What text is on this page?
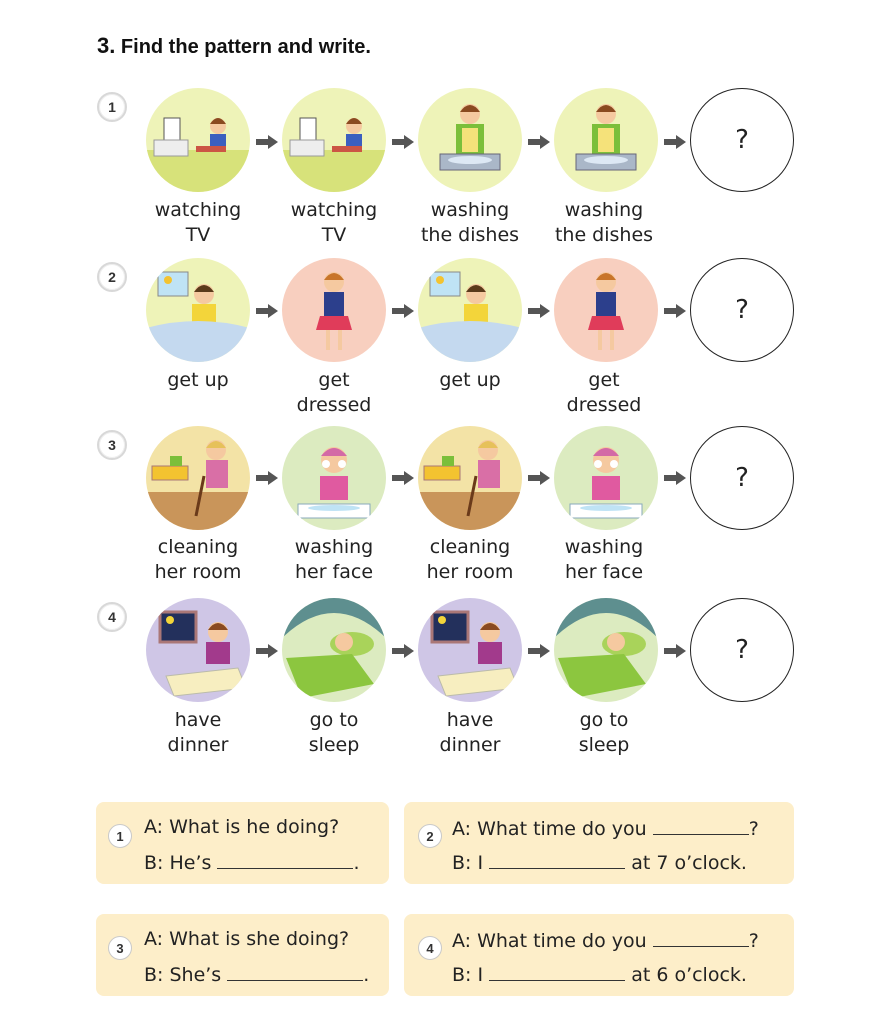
3. Find the pattern and write.
1
?
watching
TV
watching
TV
washing
the dishes
washing
the dishes
2
?
get up	get
dressed
get up	get
dressed
3
?
cleaning
her room
washing
her face
cleaning
her room
washing
her face
4
?
have
dinner
go to
sleep
have
dinner
go to
sleep
1	A: What is he doing?
B: He’s	.
2 A: What time do you	?
B: I	at 7 o’clock.
3	A: What is she doing?
B: She’s	.
4 A: What time do you	?
B: I	at 6 o’clock.
